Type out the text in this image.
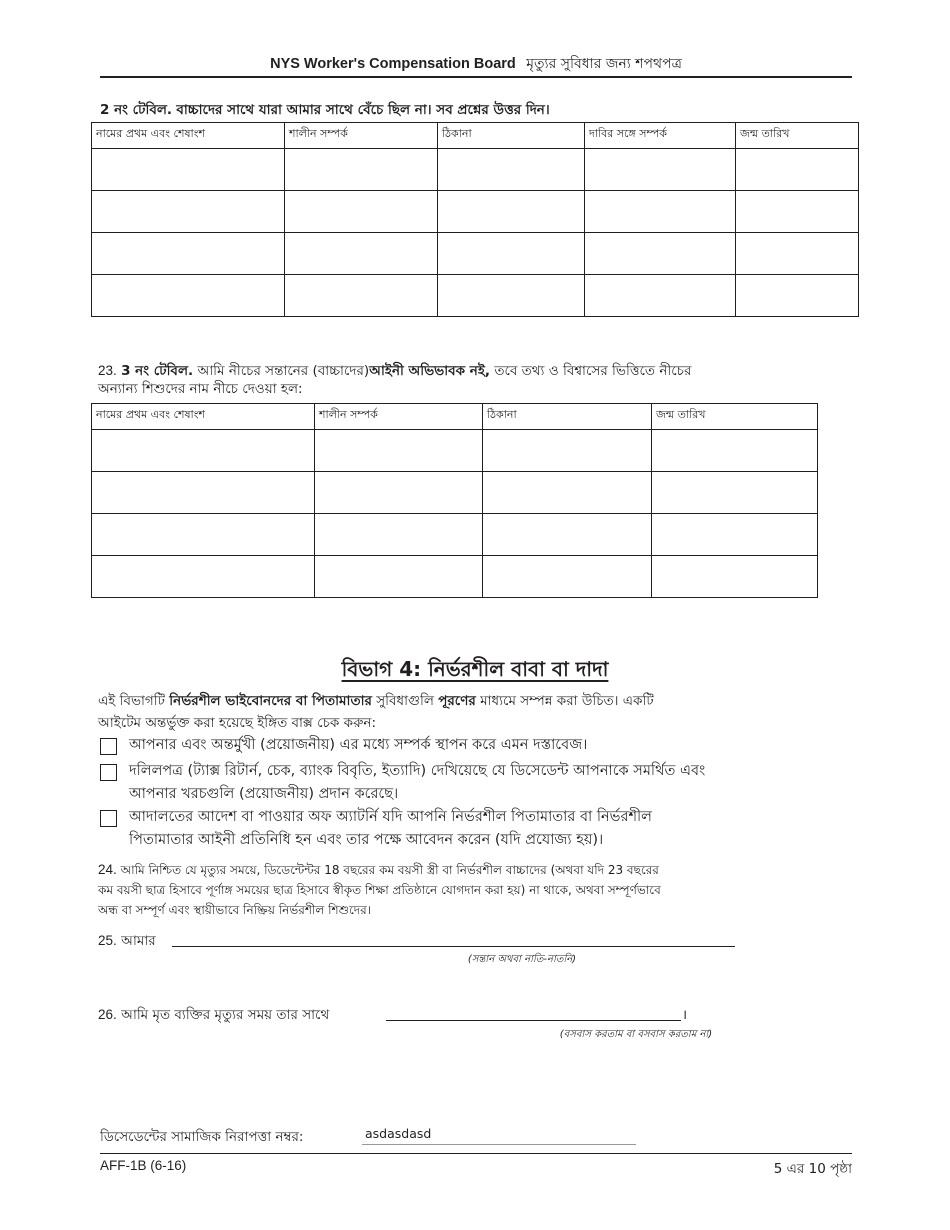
NYS Worker's Compensation Board মৃত্যুর সুবিধার জন্য শপথপত্র
2 নং টেবিল. বাচ্চাদের সাথে যারা আমার সাথে বেঁচে ছিল না। সব প্রশ্নের উত্তর দিন।
নামের প্রথম এবং শেষাংশ	শালীন সম্পর্ক	ঠিকানা	দাবির সঙ্গে সম্পর্ক	জন্ম তারিখ

23. 3 নং টেবিল. আমি নীচের সন্তানের (বাচ্চাদের)আইনী অভিভাবক নই, তবে তথ্য ও বিশ্বাসের ভিত্তিতে নীচের
অন্যান্য শিশুদের নাম নীচে দেওয়া হল:
নামের প্রথম এবং শেষাংশ	শালীন সম্পর্ক	ঠিকানা	জন্ম তারিখ

বিভাগ 4: নির্ভরশীল বাবা বা দাদা
এই বিভাগটি নির্ভরশীল ভাইবোনদের বা পিতামাতার সুবিধাগুলি পূরণের মাধ্যমে সম্পন্ন করা উচিত। একটি
আইটেম অন্তর্ভুক্ত করা হয়েছে ইঙ্গিত বাক্স চেক করুন:
আপনার এবং অন্তর্মুখী (প্রয়োজনীয়) এর মধ্যে সম্পর্ক স্থাপন করে এমন দস্তাবেজ।
দলিলপত্র (ট্যাক্স রিটার্ন, চেক, ব্যাংক বিবৃতি, ইত্যাদি) দেখিয়েছে যে ডিসেডেন্ট আপনাকে সমর্থিত এবং
আপনার খরচগুলি (প্রয়োজনীয়) প্রদান করেছে।
আদালতের আদেশ বা পাওয়ার অফ অ্যাটর্নি যদি আপনি নির্ভরশীল পিতামাতার বা নির্ভরশীল
পিতামাতার আইনী প্রতিনিধি হন এবং তার পক্ষে আবেদন করেন (যদি প্রযোজ্য হয়)।
24. আমি নিশ্চিত যে মৃত্যুর সময়ে, ডিডেন্টেন্টর 18 বছরের কম বয়সী স্ত্রী বা নির্ভরশীল বাচ্চাদের (অথবা যদি 23 বছরের
কম বয়সী ছাত্র হিসাবে পূর্ণাঙ্গ সময়ের ছাত্র হিসাবে স্বীকৃত শিক্ষা প্রতিষ্ঠানে যোগদান করা হয়) না থাকে, অথবা সম্পূর্ণভাবে
অন্ধ বা সম্পূর্ণ এবং স্থায়ীভাবে নিষ্ক্রিয় নির্ভরশীল শিশুদের।
25. আমার
(সন্তান অথবা নাতি-নাতনি)
26. আমি মৃত ব্যক্তির মৃত্যুর সময় তার সাথে	।
(বসবাস করতাম বা বসবাস করতাম না)
ডিসেডেন্টের সামাজিক নিরাপত্তা নম্বর:	asdasdasd
AFF-1B (6-16)	5 এর 10 পৃষ্ঠা
